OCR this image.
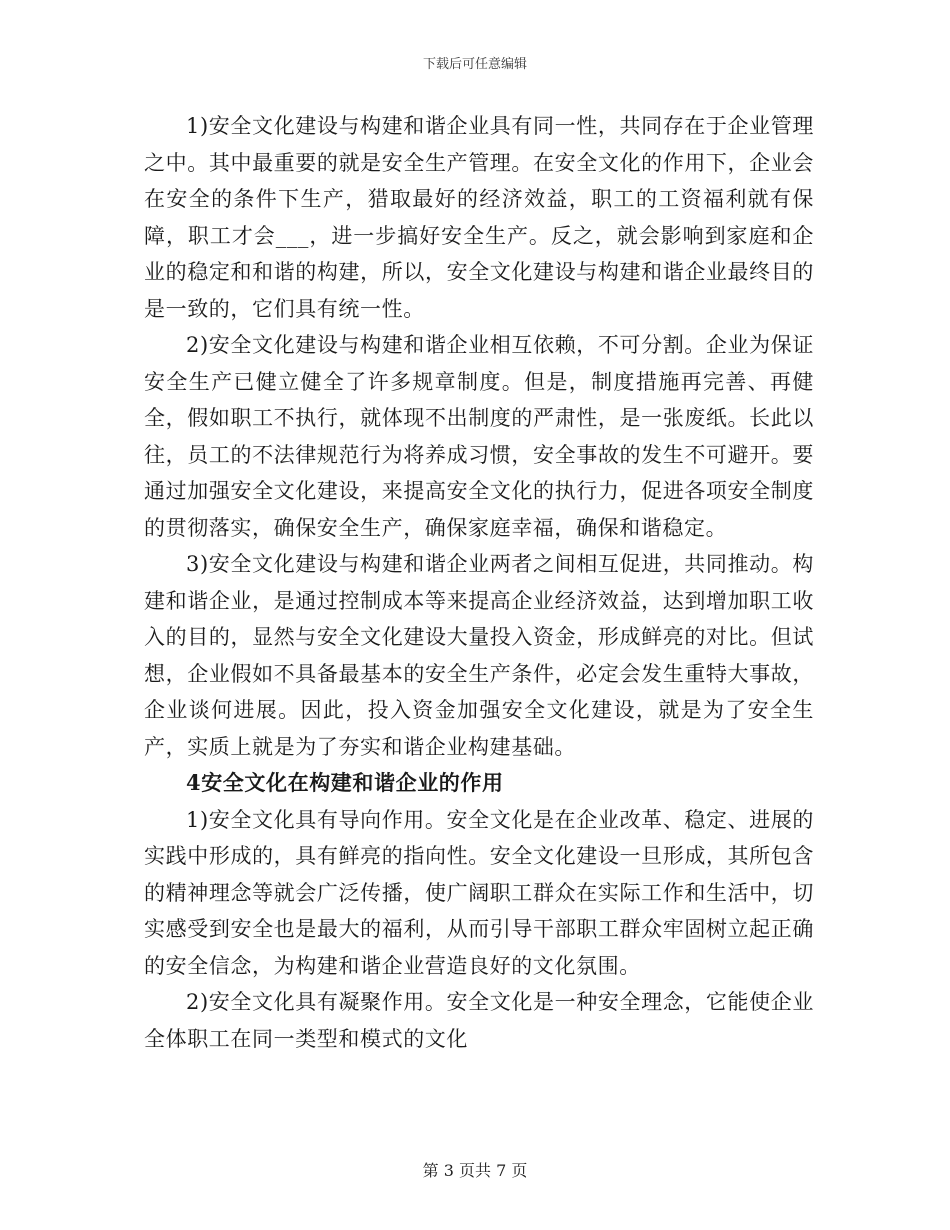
下载后可任意编辑

1)安全文化建设与构建和谐企业具有同一性，共同存在于企业管理之中。其中最重要的就是安全生产管理。在安全文化的作用下，企业会在安全的条件下生产，猎取最好的经济效益，职工的工资福利就有保障，职工才会___，进一步搞好安全生产。反之，就会影响到家庭和企业的稳定和和谐的构建，所以，安全文化建设与构建和谐企业最终目的是一致的，它们具有统一性。

2)安全文化建设与构建和谐企业相互依赖，不可分割。企业为保证安全生产已健立健全了许多规章制度。但是，制度措施再完善、再健全，假如职工不执行，就体现不出制度的严肃性，是一张废纸。长此以往，员工的不法律规范行为将养成习惯，安全事故的发生不可避开。要通过加强安全文化建设，来提高安全文化的执行力，促进各项安全制度的贯彻落实，确保安全生产，确保家庭幸福，确保和谐稳定。

3)安全文化建设与构建和谐企业两者之间相互促进，共同推动。构建和谐企业，是通过控制成本等来提高企业经济效益，达到增加职工收入的目的，显然与安全文化建设大量投入资金，形成鲜亮的对比。但试想，企业假如不具备最基本的安全生产条件，必定会发生重特大事故，企业谈何进展。因此，投入资金加强安全文化建设，就是为了安全生产，实质上就是为了夯实和谐企业构建基础。

4安全文化在构建和谐企业的作用

1)安全文化具有导向作用。安全文化是在企业改革、稳定、进展的实践中形成的，具有鲜亮的指向性。安全文化建设一旦形成，其所包含的精神理念等就会广泛传播，使广阔职工群众在实际工作和生活中，切实感受到安全也是最大的福利，从而引导干部职工群众牢固树立起正确的安全信念，为构建和谐企业营造良好的文化氛围。

2)安全文化具有凝聚作用。安全文化是一种安全理念，它能使企业全体职工在同一类型和模式的文化

第 3 页共 7 页
